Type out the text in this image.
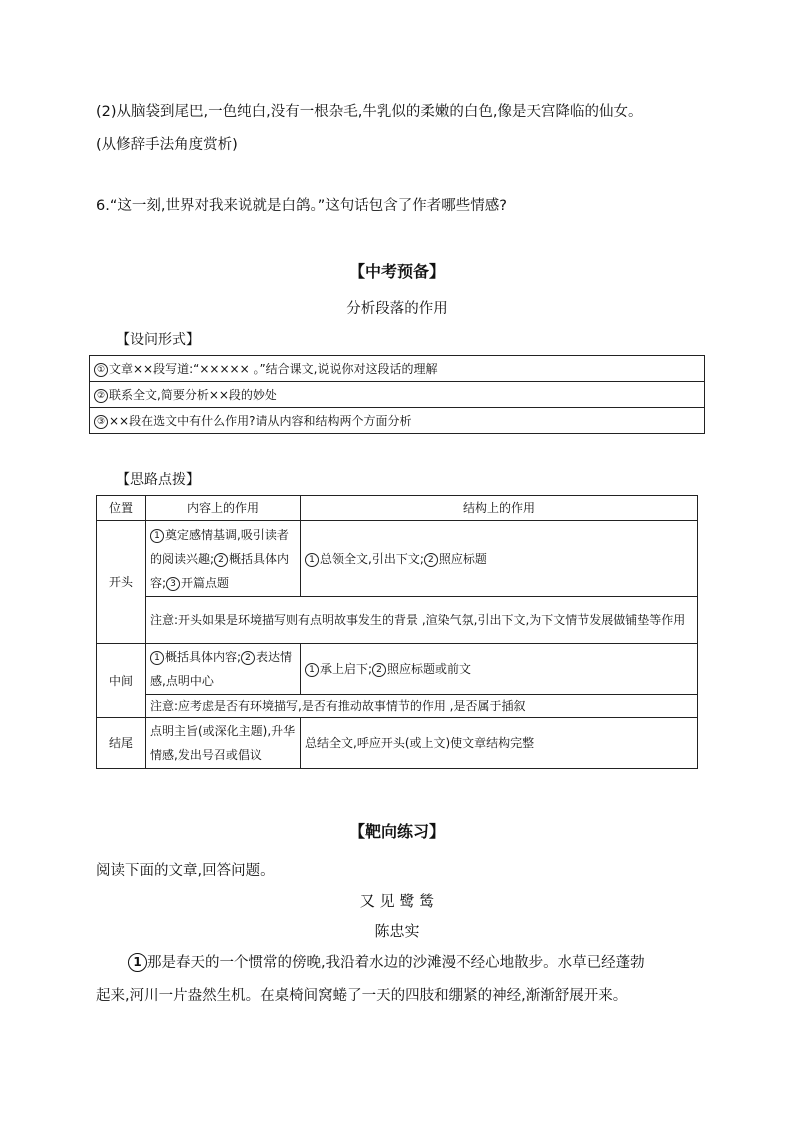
(2)从脑袋到尾巴,一色纯白,没有一根杂毛,牛乳似的柔嫩的白色,像是天宫降临的仙女。
(从修辞手法角度赏析)
6.“这一刻,世界对我来说就是白鸽。”这句话包含了作者哪些情感?
【中考预备】
分析段落的作用
【设问形式】
① 文章××段写道:“××××× 。”结合课文,说说你对这段话的理解
② 联系全文,简要分析××段的妙处
③ ××段在选文中有什么作用?请从内容和结构两个方面分析
【思路点拨】
位置	内容上的作用	结构上的作用
开头	1 奠定感情基调,吸引读者的阅读兴趣; 2 概括具体内容; 3 开篇点题	1 总领全文,引出下文; 2 照应标题
	注意:开头如果是环境描写则有点明故事发生的背景 ,渲染气氛,引出下文,为下文情节发展做铺垫等作用	
中间	1 概括具体内容; 2 表达情感,点明中心	1 承上启下; 2 照应标题或前文
	注意:应考虑是否有环境描写,是否有推动故事情节的作用 ,是否属于插叙	
结尾	点明主旨(或深化主题),升华情感,发出号召或倡议	总结全文,呼应开头(或上文)使文章结构完整
【靶向练习】
阅读下面的文章,回答问题。
又 见 鹭 鸶
陈忠实
1 那是春天的一个惯常的傍晚,我沿着水边的沙滩漫不经心地散步。水草已经蓬勃
起来,河川一片盎然生机。在桌椅间窝蜷了一天的四肢和绷紧的神经,渐渐舒展开来。
